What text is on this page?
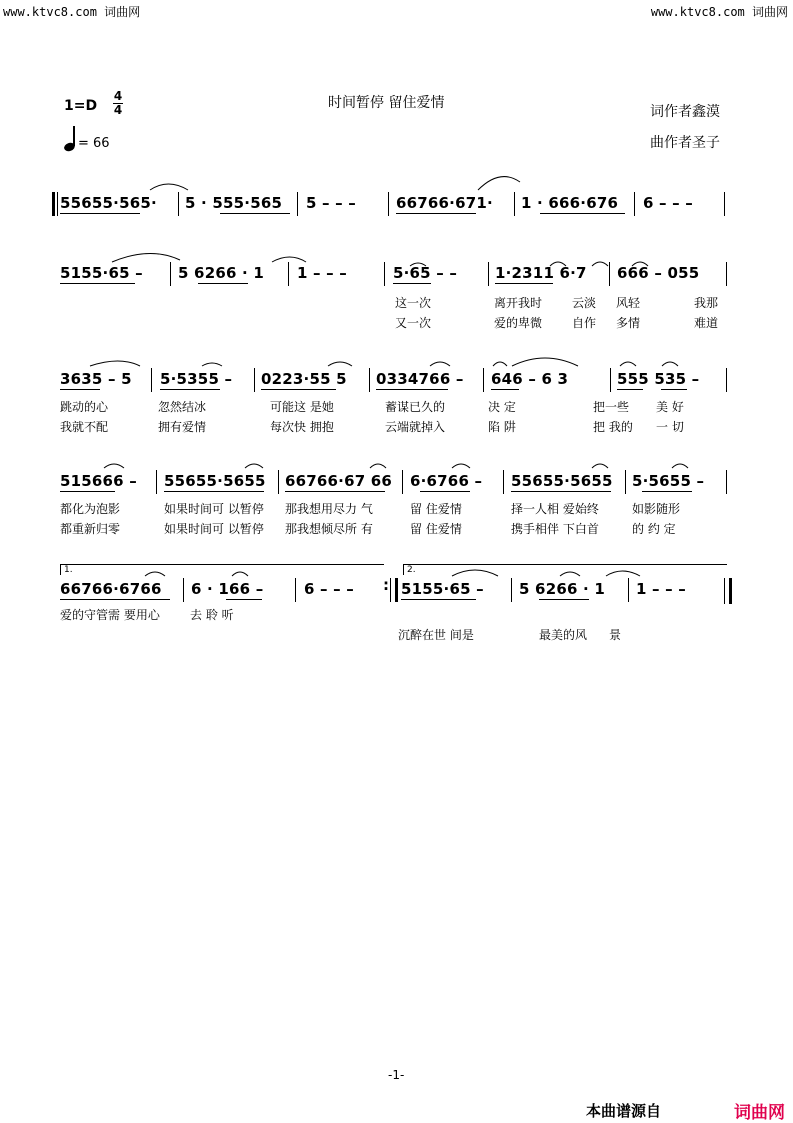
www.ktvc8.com 词曲网	www.ktvc8.com 词曲网
1=D
4
4
= 66
时间暂停 留住爱情
词作者鑫漠
曲作者圣子
55655·565· 5 · 555·565 5 – – –	66766·671· 1 · 666·676 6 – – –
5155·65 – 5 6266 · 1 1 – – –	5·65 – –	1·2311 6·7 666 – 055
这一次	离开我时 云淡 风轻	我那
又一次	爱的卑微 自作 多情	难道
3635 – 5 5·5355 – 0223·55 5 0334766 – 646 – 6 3	555 535 –
跳动的心	忽然结冰	可能这 是她	蓄谋已久的	决 定	把一些 美 好
我就不配	拥有爱情	每次快 拥抱	云端就掉入	陷 阱	把 我的 一 切
515666 – 55655·5655 66766·67 66 6·6766 – 55655·5655 5·5655 –
都化为泡影	如果时间可 以暂停 那我想用尽力 气	留 住爱情	择一人相 爱始终	如影随形
都重新归零	如果时间可 以暂停 那我想倾尽所 有	留 住爱情	携手相伴 下白首	的 约 定
1.	2.
66766·6766 6 · 166 –	6 – – – : 5155·65 – 5 6266 · 1 1 – – –
爱的守管需 要用心	去 聆 听
沉醉在世 间是	最美的风 景
-1-
本曲谱源自	词曲网
